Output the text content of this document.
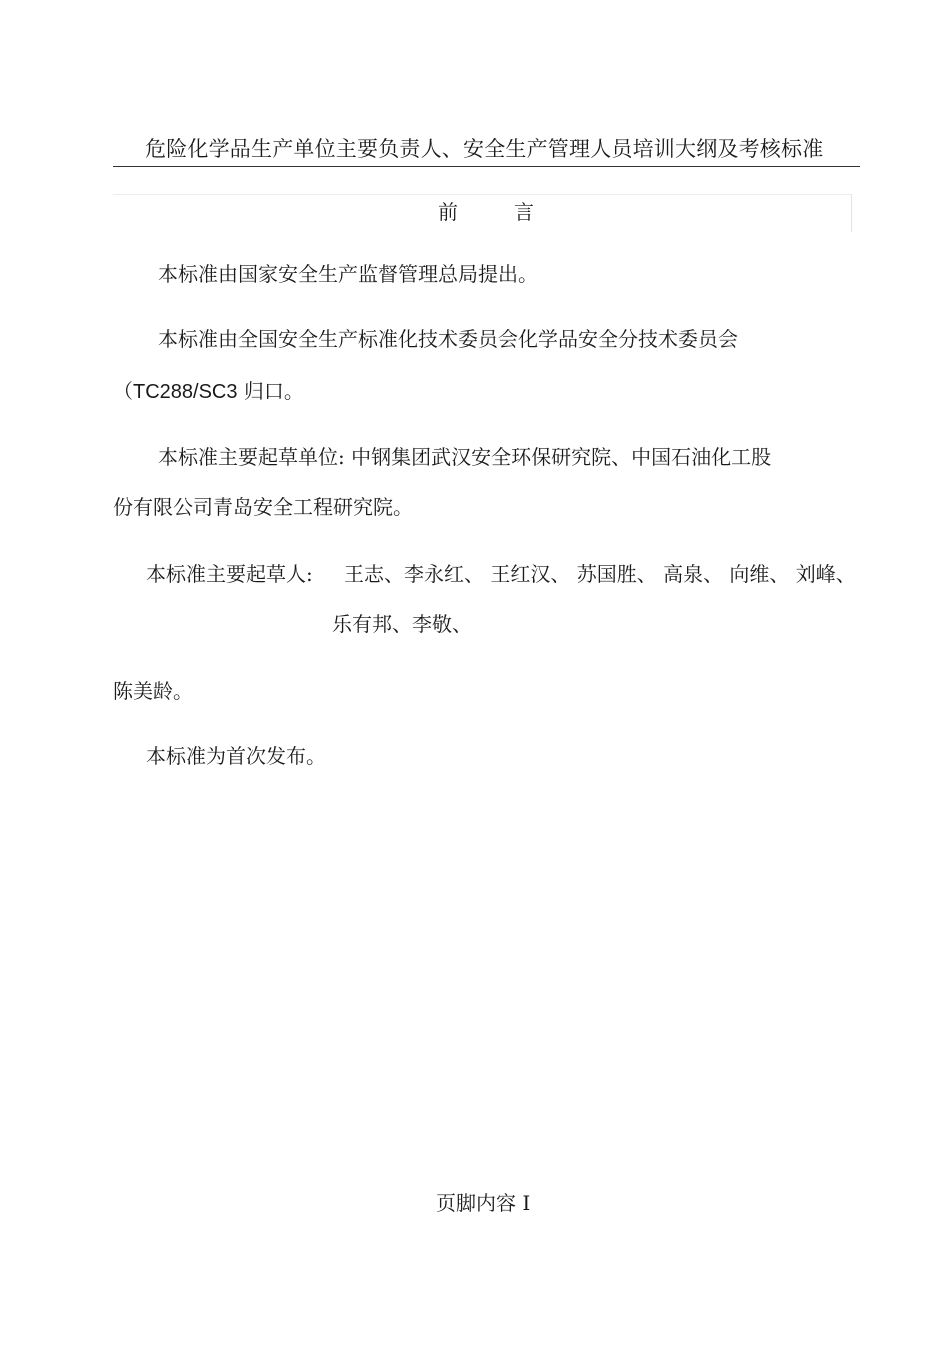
危险化学品生产单位主要负责人、安全生产管理人员培训大纲及考核标准
前	言
本标准由国家安全生产监督管理总局提出。
本标准由全国安全生产标准化技术委员会化学品安全分技术委员会
（TC288/SC3 归口。
本标准主要起草单位: 中钢集团武汉安全环保研究院、中国石油化工股
份有限公司青岛安全工程研究院。
本标准主要起草人: 王志、李永红、 王红汉、 苏国胜、 高泉、 向维、 刘峰、
乐有邦、李敬、
陈美龄。
本标准为首次发布。
页脚内容 I
